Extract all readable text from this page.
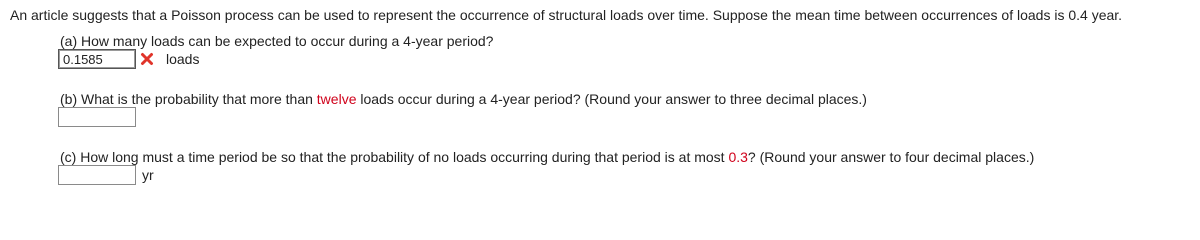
An article suggests that a Poisson process can be used to represent the occurrence of structural loads over time. Suppose the mean time between occurrences of loads is 0.4 year.
(a) How many loads can be expected to occur during a 4-year period?
0.1585
loads
(b) What is the probability that more than twelve loads occur during a 4-year period? (Round your answer to three decimal places.)
(c) How long must a time period be so that the probability of no loads occurring during that period is at most 0.3? (Round your answer to four decimal places.)
yr
